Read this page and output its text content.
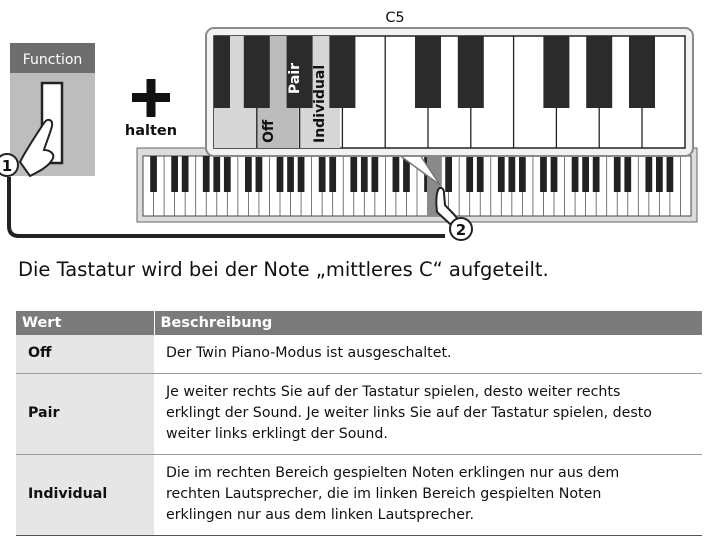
Function
1
halten
C5
Off
Pair Individual
2
Die Tastatur wird bei der Note „mittleres C“ aufgeteilt.
Wert	Beschreibung
Off	Der Twin Piano-Modus ist ausgeschaltet.

Pair	Je weiter rechts Sie auf der Tastatur spielen, desto weiter rechts
erklingt der Sound. Je weiter links Sie auf der Tastatur spielen, desto
weiter links erklingt der Sound.

Individual	Die im rechten Bereich gespielten Noten erklingen nur aus dem
rechten Lautsprecher, die im linken Bereich gespielten Noten
erklingen nur aus dem linken Lautsprecher.
